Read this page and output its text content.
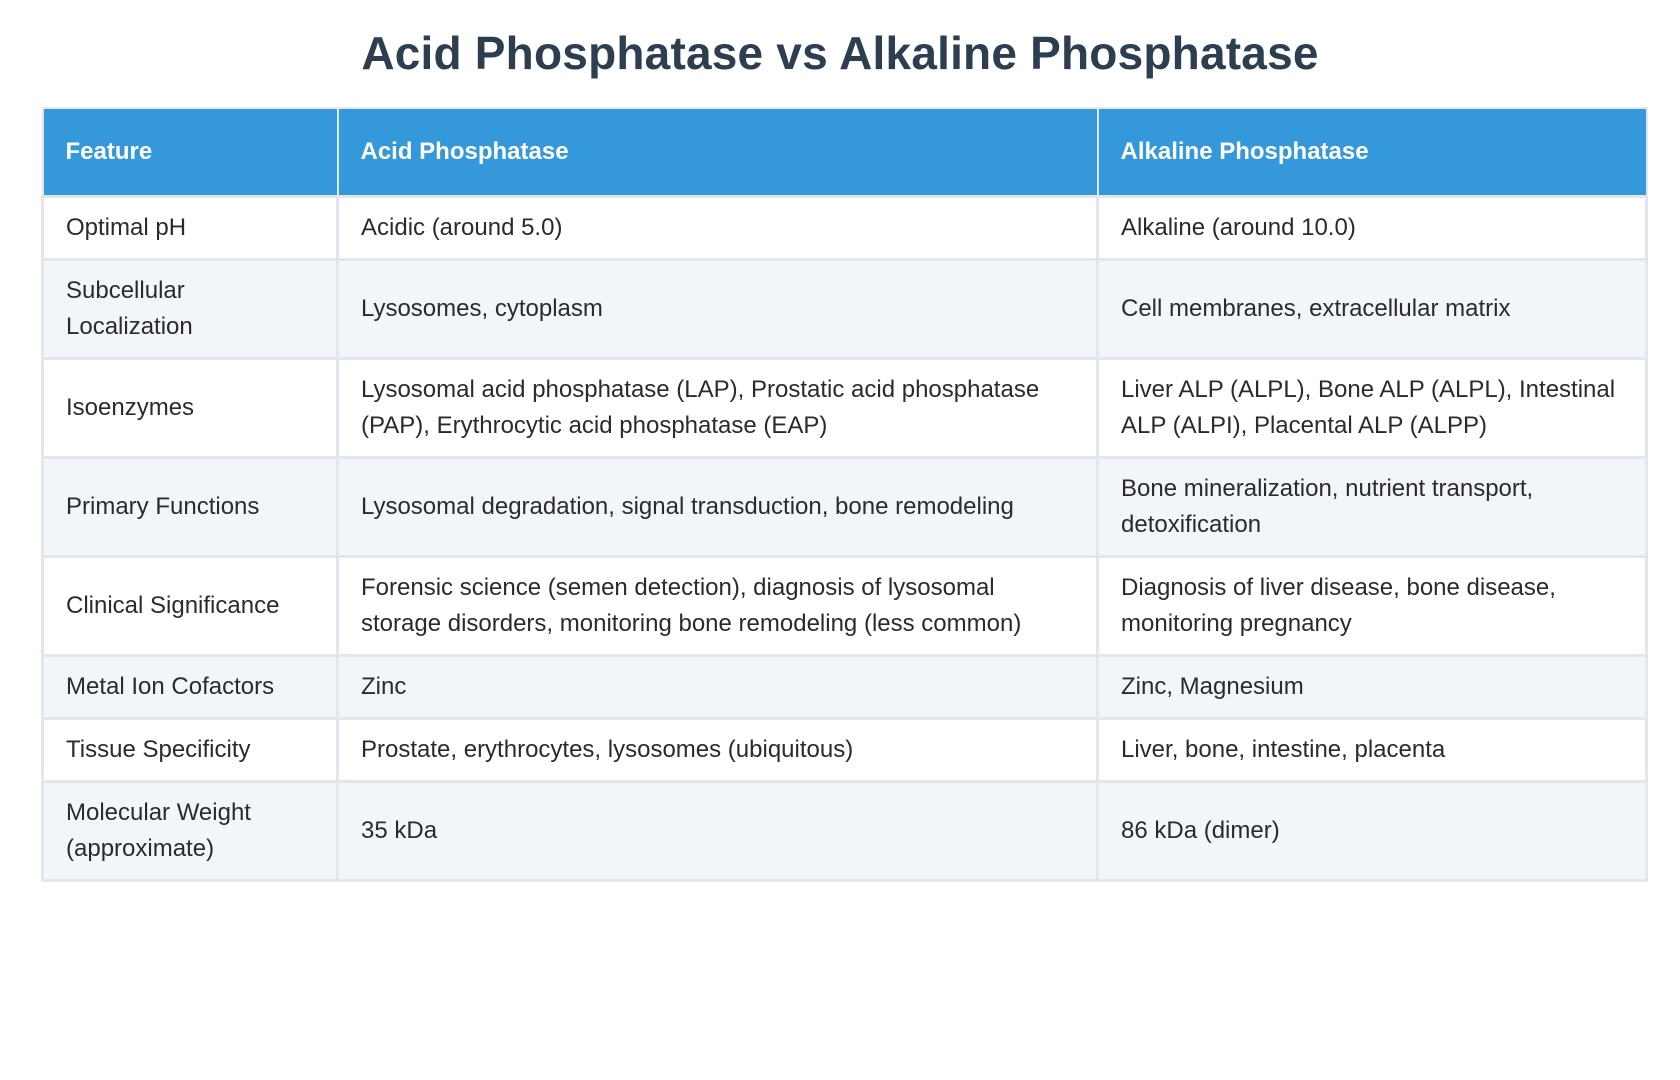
Acid Phosphatase vs Alkaline Phosphatase
Feature	Acid Phosphatase	Alkaline Phosphatase
Optimal pH	Acidic (around 5.0)	Alkaline (around 10.0)
Subcellular Localization	Lysosomes, cytoplasm	Cell membranes, extracellular matrix
Isoenzymes	Lysosomal acid phosphatase (LAP), Prostatic acid phosphatase (PAP), Erythrocytic acid phosphatase (EAP)	Liver ALP (ALPL), Bone ALP (ALPL), Intestinal ALP (ALPI), Placental ALP (ALPP)
Primary Functions	Lysosomal degradation, signal transduction, bone remodeling	Bone mineralization, nutrient transport, detoxification
Clinical Significance	Forensic science (semen detection), diagnosis of lysosomal storage disorders, monitoring bone remodeling (less common)	Diagnosis of liver disease, bone disease, monitoring pregnancy
Metal Ion Cofactors	Zinc	Zinc, Magnesium
Tissue Specificity	Prostate, erythrocytes, lysosomes (ubiquitous)	Liver, bone, intestine, placenta
Molecular Weight (approximate)	35 kDa	86 kDa (dimer)
